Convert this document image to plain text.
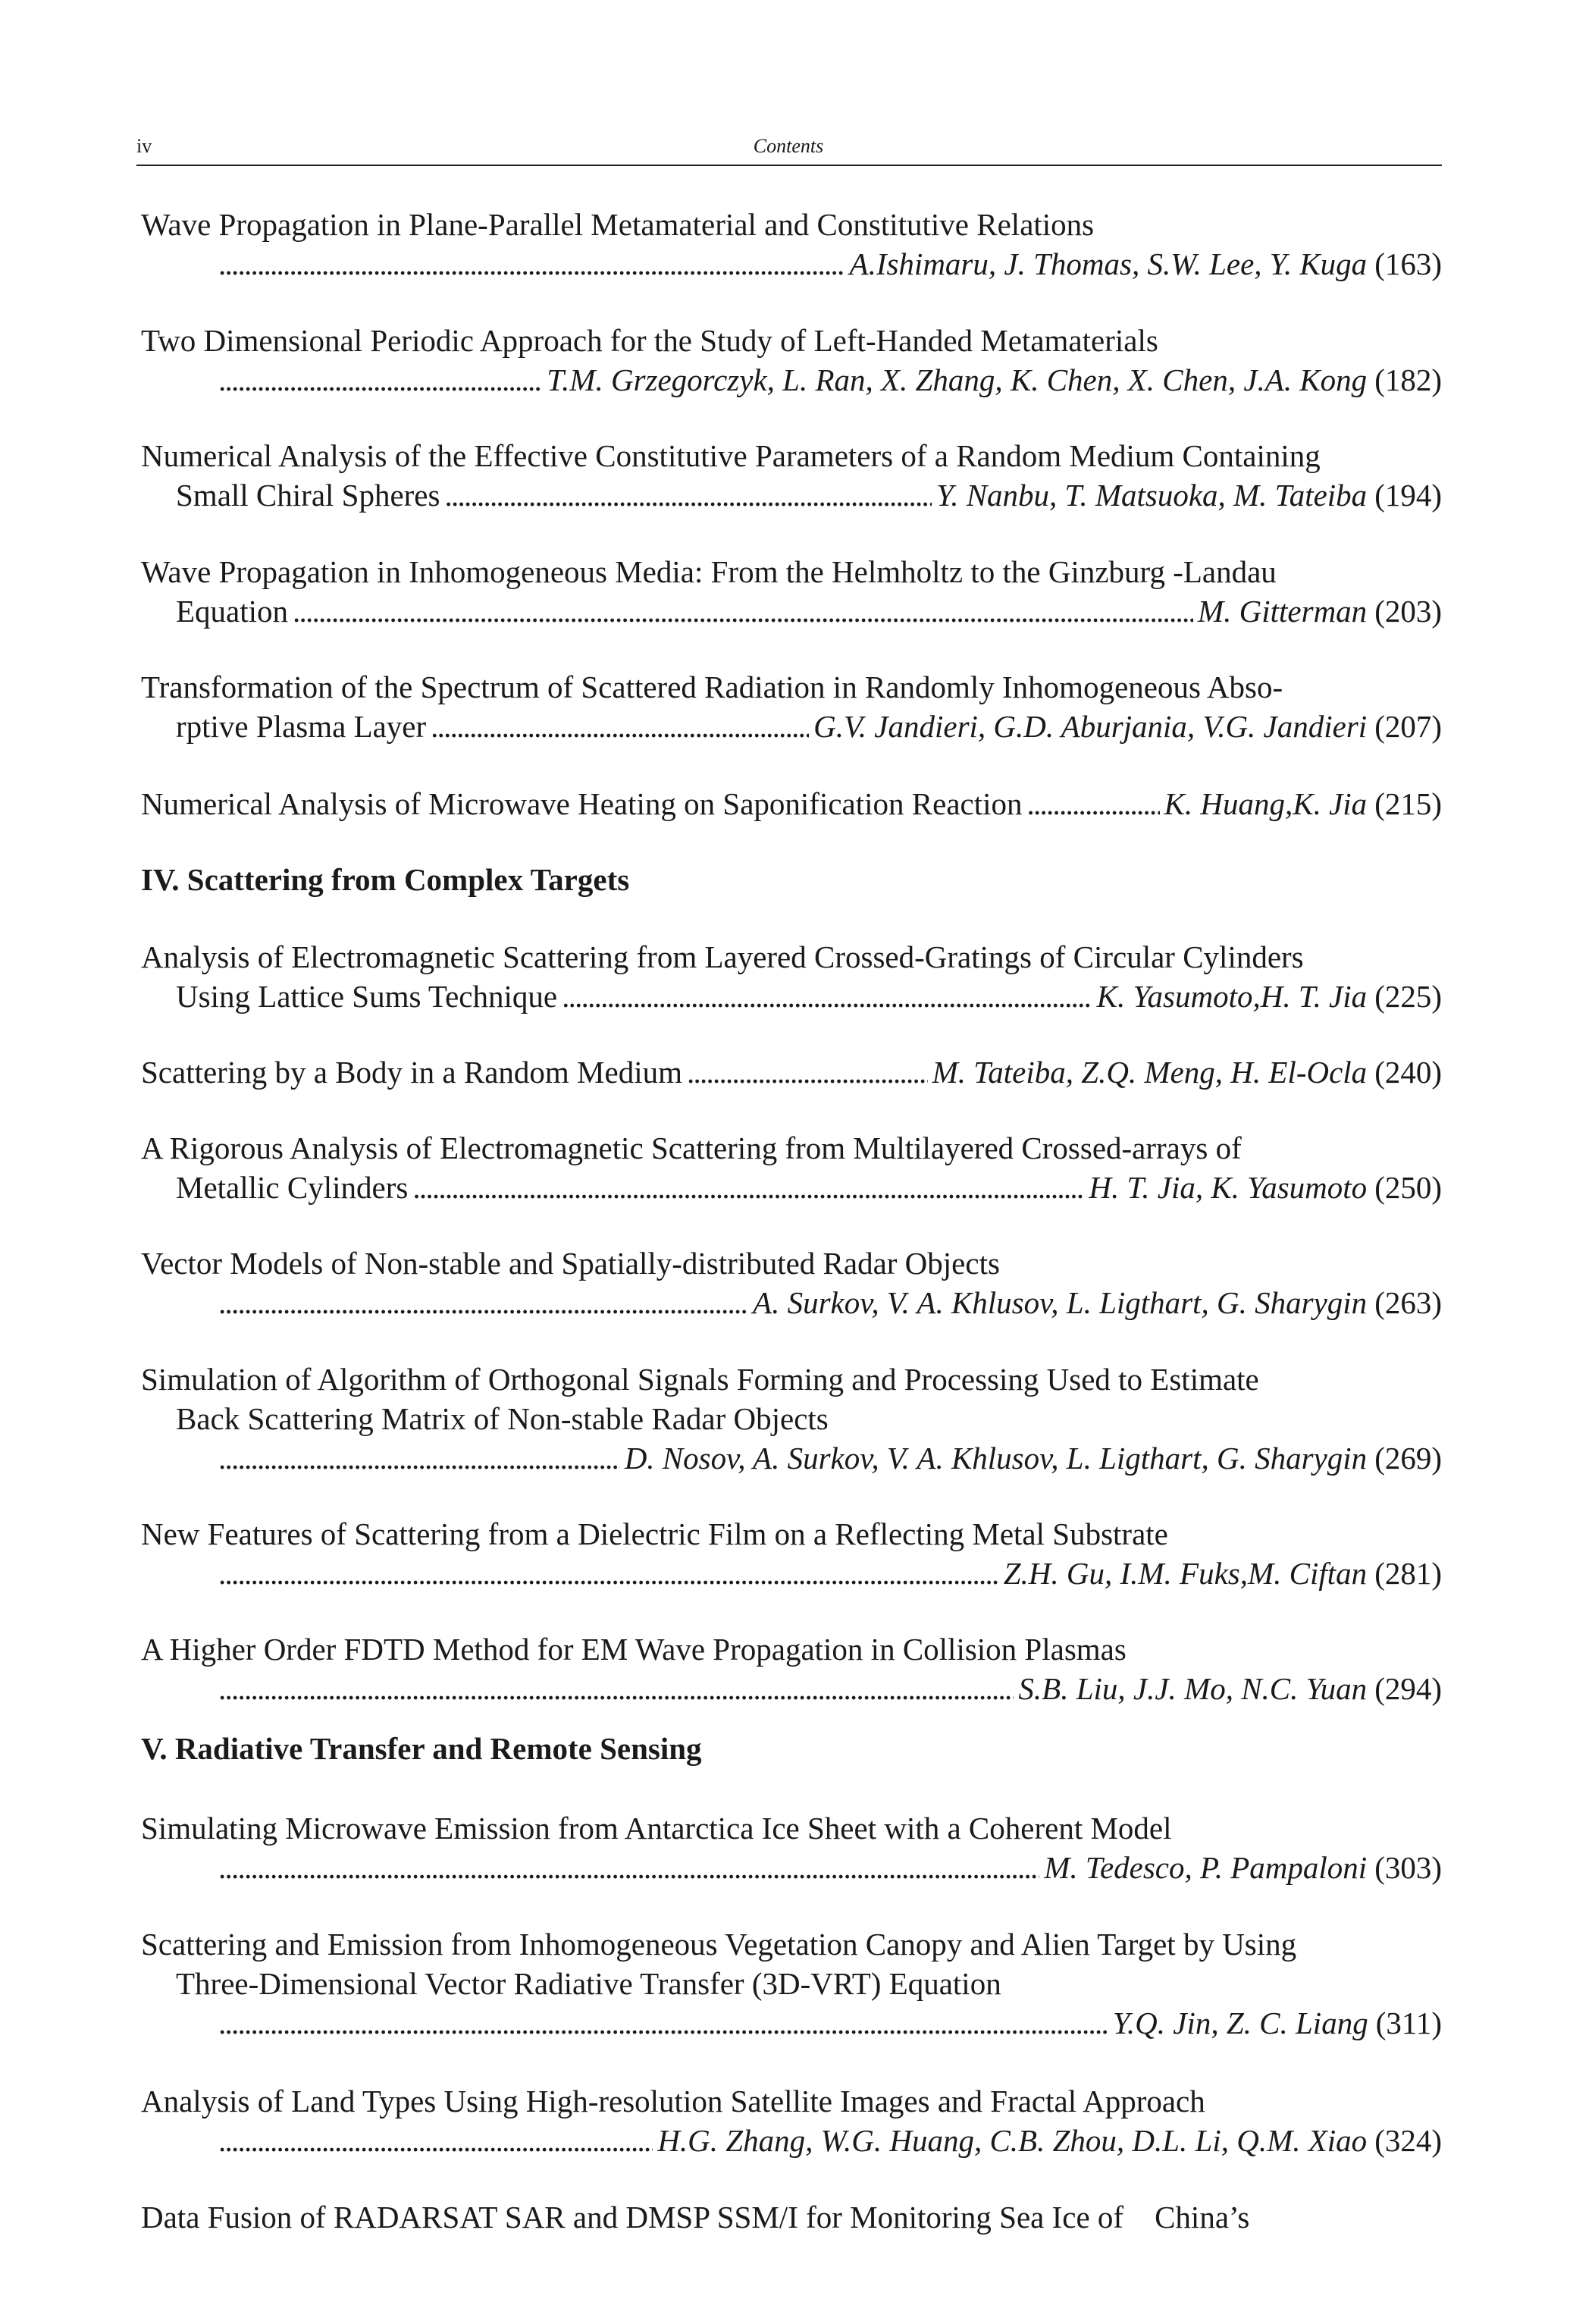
iv	Contents
Wave Propagation in Plane-Parallel Metamaterial and Constitutive Relations
. . .
A.Ishimaru, J. Thomas, S.W. Lee, Y. Kuga (163)
Two Dimensional Periodic Approach for the Study of Left-Handed Metamaterials
. . .
T.M. Grzegorczyk, L. Ran, X. Zhang, K. Chen, X. Chen, J.A. Kong (182)
Numerical Analysis of the Effective Constitutive Parameters of a Random Medium Containing
Small Chiral Spheres . . .	Y. Nanbu, T. Matsuoka, M. Tateiba (194)
Wave Propagation in Inhomogeneous Media: From the Helmholtz to the Ginzburg -Landau
Equation . . .	M. Gitterman (203)
Transformation of the Spectrum of Scattered Radiation in Randomly Inhomogeneous Abso-
rptive Plasma Layer . . .	G.V. Jandieri, G.D. Aburjania, V.G. Jandieri (207)
Numerical Analysis of Microwave Heating on Saponification Reaction . . .	K. Huang,K. Jia (215)
IV. Scattering from Complex Targets
Analysis of Electromagnetic Scattering from Layered Crossed-Gratings of Circular Cylinders
Using Lattice Sums Technique . . .	K. Yasumoto,H. T. Jia (225)
Scattering by a Body in a Random Medium . . .	M. Tateiba, Z.Q. Meng, H. El-Ocla (240)
A Rigorous Analysis of Electromagnetic Scattering from Multilayered Crossed-arrays of
Metallic Cylinders . . .	H. T. Jia, K. Yasumoto (250)
Vector Models of Non-stable and Spatially-distributed Radar Objects
. . .
A. Surkov, V. A. Khlusov, L. Ligthart, G. Sharygin (263)
Simulation of Algorithm of Orthogonal Signals Forming and Processing Used to Estimate
Back Scattering Matrix of Non-stable Radar Objects
. . .
D. Nosov, A. Surkov, V. A. Khlusov, L. Ligthart, G. Sharygin (269)
New Features of Scattering from a Dielectric Film on a Reflecting Metal Substrate
. . .
Z.H. Gu, I.M. Fuks,M. Ciftan (281)
A Higher Order FDTD Method for EM Wave Propagation in Collision Plasmas
. . .
S.B. Liu, J.J. Mo, N.C. Yuan (294)
V. Radiative Transfer and Remote Sensing
Simulating Microwave Emission from Antarctica Ice Sheet with a Coherent Model
. . .
M. Tedesco, P. Pampaloni (303)
Scattering and Emission from Inhomogeneous Vegetation Canopy and Alien Target by Using
Three-Dimensional Vector Radiative Transfer (3D-VRT) Equation
. . .
Y.Q. Jin, Z. C. Liang (311)
Analysis of Land Types Using High-resolution Satellite Images and Fractal Approach
. . .
H.G. Zhang, W.G. Huang, C.B. Zhou, D.L. Li, Q.M. Xiao (324)
Data Fusion of RADARSAT SAR and DMSP SSM/I for Monitoring Sea Ice of    China’s
